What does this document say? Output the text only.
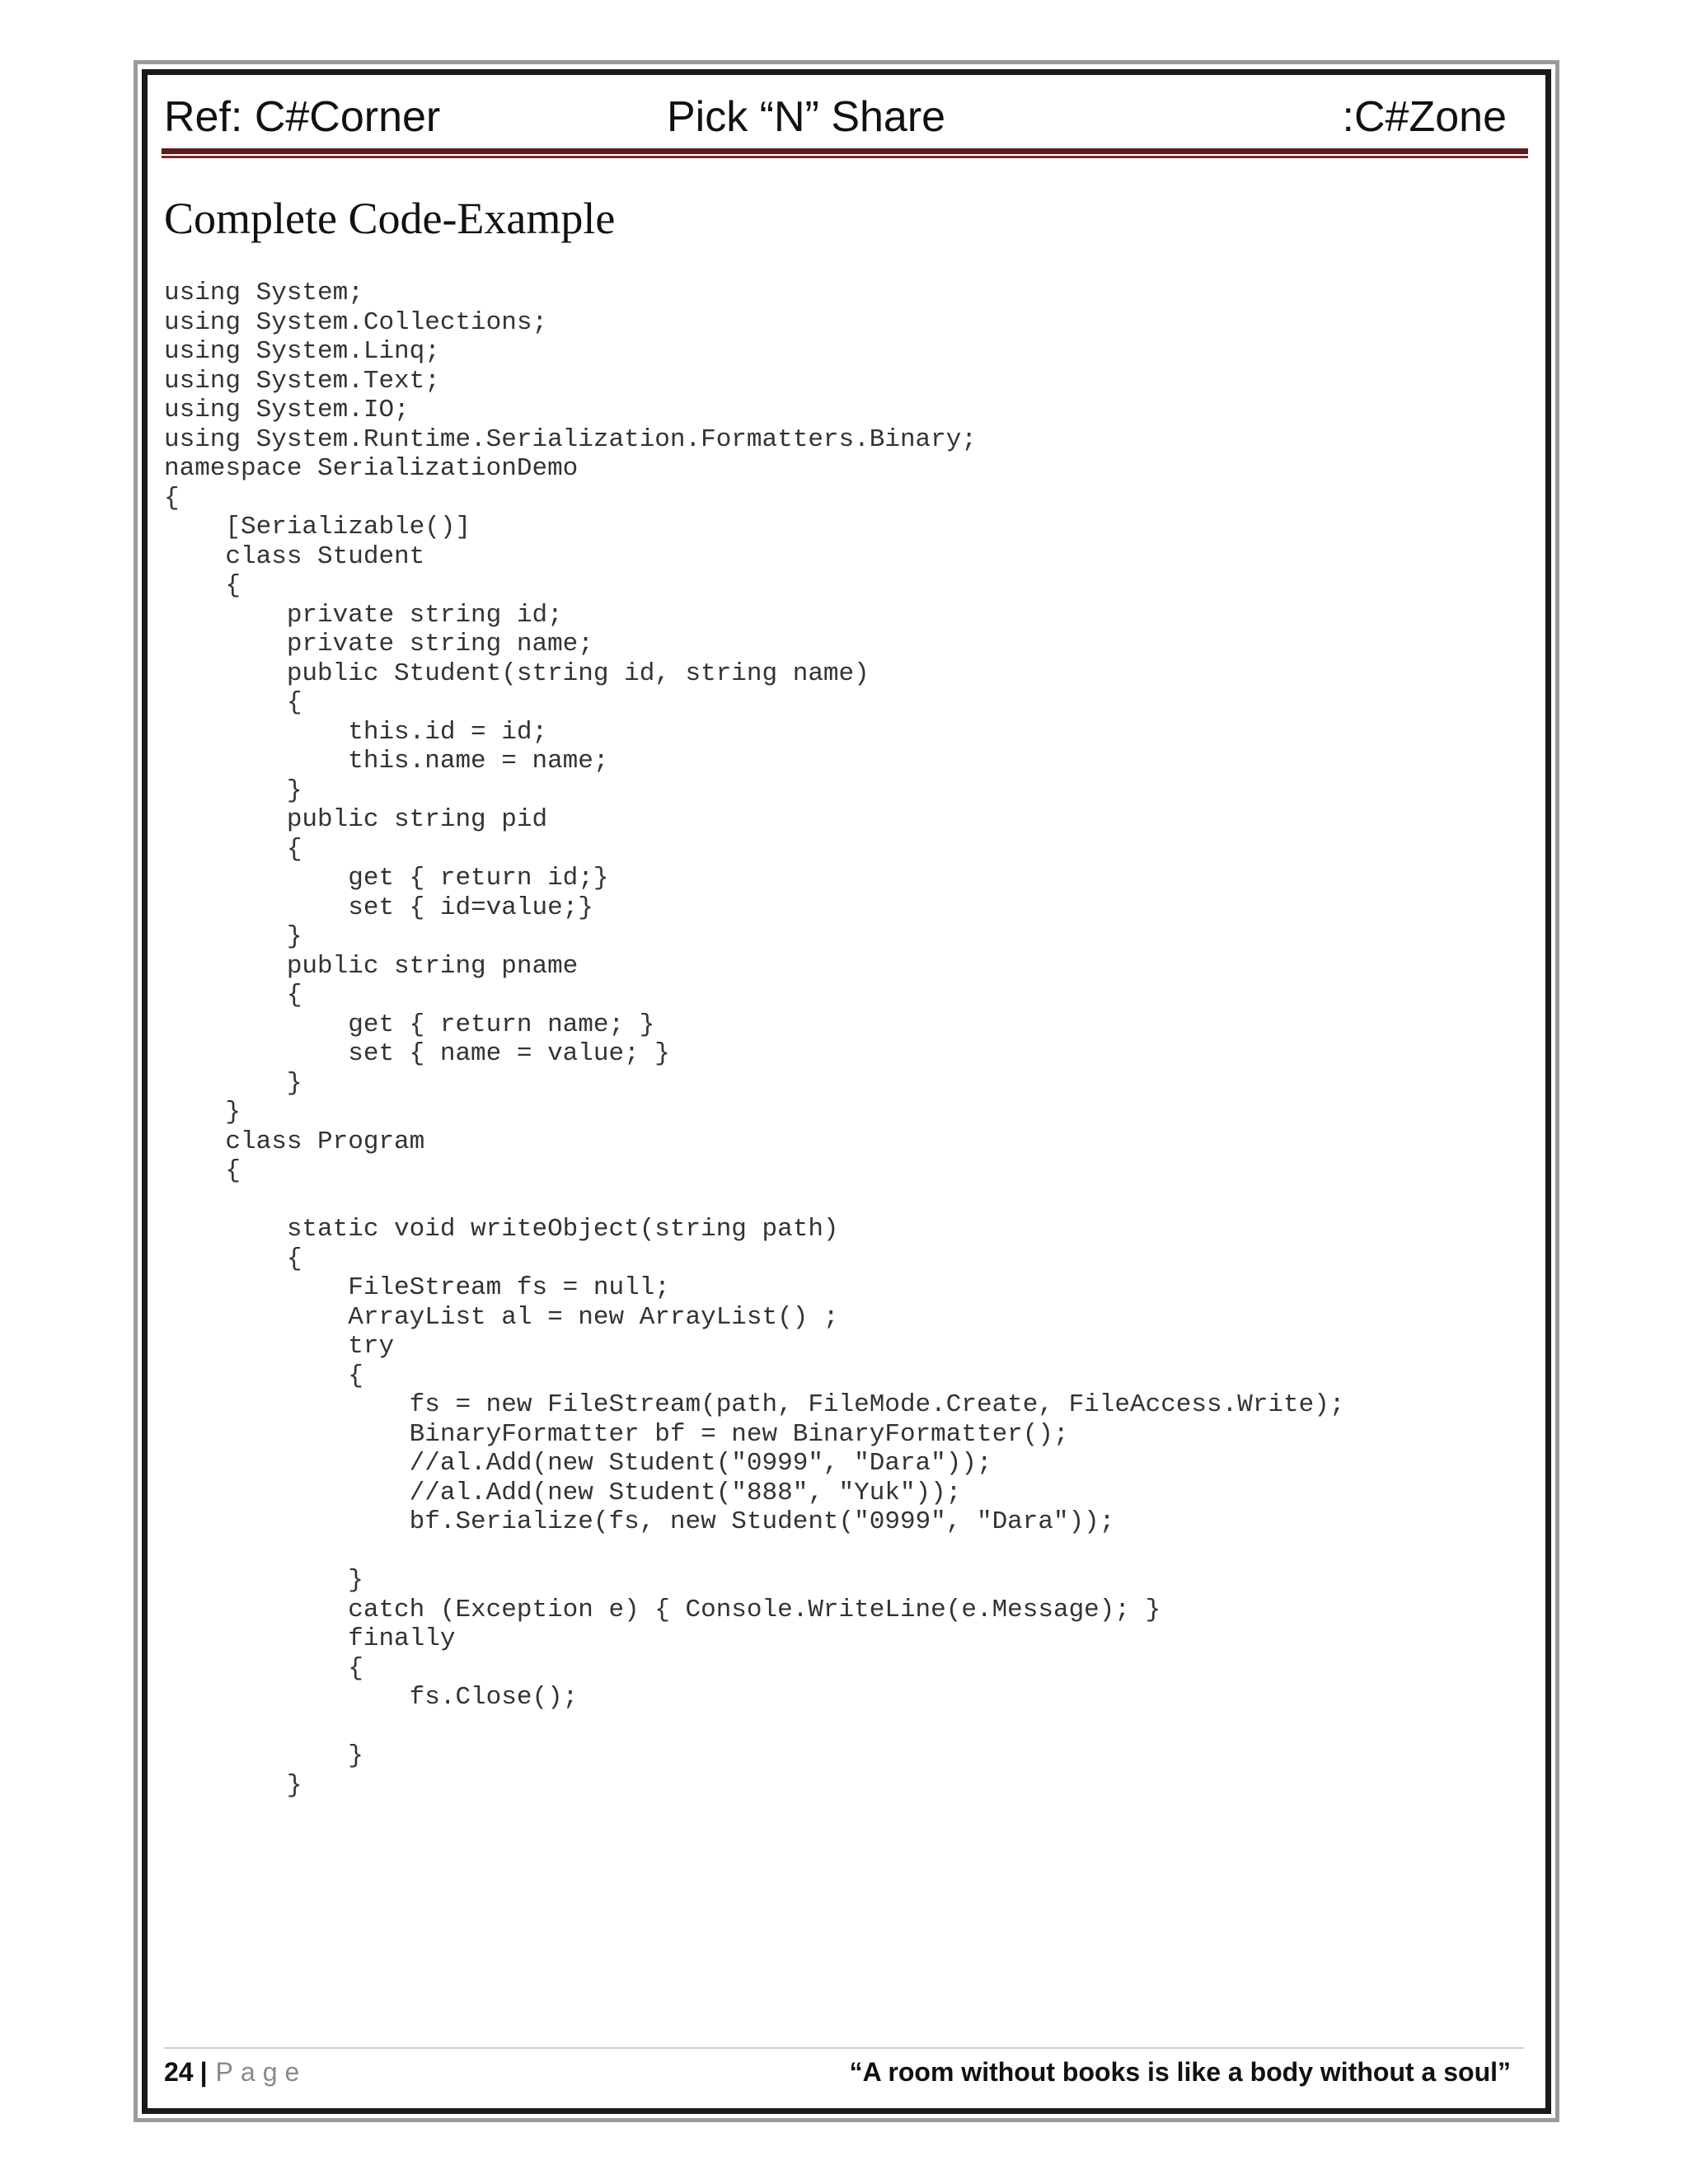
Ref: C#Corner	Pick “N” Share	:C#Zone
Complete Code-Example
using System;
using System.Collections;
using System.Linq;
using System.Text;
using System.IO;
using System.Runtime.Serialization.Formatters.Binary;
namespace SerializationDemo
{
[Serializable()]
class Student
{
private string id;
private string name;
public Student(string id, string name)
{
this.id = id;
this.name = name;
}
public string pid
{
get { return id;}
set { id=value;}
}
public string pname
{
get { return name; }
set { name = value; }
}
}
class Program
{
static void writeObject(string path)
{
FileStream fs = null;
ArrayList al = new ArrayList() ;
try
{
fs = new FileStream(path, FileMode.Create, FileAccess.Write);
BinaryFormatter bf = new BinaryFormatter();
//al.Add(new Student("0999", "Dara"));
//al.Add(new Student("888", "Yuk"));
bf.Serialize(fs, new Student("0999", "Dara"));
}
catch (Exception e) { Console.WriteLine(e.Message); }
finally
{
fs.Close();
}
}
24 | Page	“A room without books is like a body without a soul”
